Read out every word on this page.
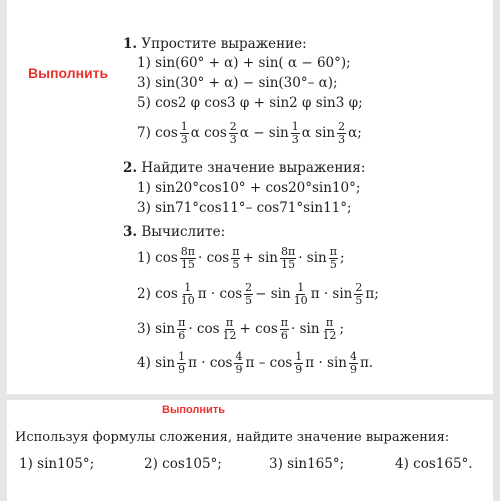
Выполнить
1. Упростите выражение:
1) sin(60° + α) + sin( α − 60°);
3) sin(30° + α) − sin(30°– α);
5) cos2 φ cos3 φ + sin2 φ sin3 φ;
7) $\cos \frac{1}{3}$ α $\cos \frac{2}{3}$ $\alpha - \sin \frac{1}{3}$ α $\sin \frac{2}{3} \alpha$;
2. Найдите значение выражения:
1) sin20°cos10° + cos20°sin10°;
3) sin71°cos11°– cos71°sin11°;
3. Вычислите:
1) $\cos \frac{8\pi}{15} \cdot \cos \frac{\pi}{5} + \sin \frac{8\pi}{15} \cdot \sin \frac{\pi}{5}$ ;
2) $\cos \frac{1}{10}$ $\pi \cdot \cos \frac{2}{5} - \sin \frac{1}{10}$ $\pi \cdot \sin \frac{2}{5} \pi$;
3) $\sin \frac{\pi}{6} \cdot \cos \frac{\pi}{12} + \cos \frac{\pi}{6} \cdot \sin \frac{\pi}{12}$ ;
4) $\sin \frac{1}{9}$ $\pi \cdot \cos \frac{4}{9}$ π – $\cos \frac{1}{9}$ $\pi \cdot \sin \frac{4}{9} \pi$.
Выполнить
Используя формулы сложения, найдите значение выражения:
1) sin105°;	2) cos105°;	3) sin165°;	4) cos165°.
